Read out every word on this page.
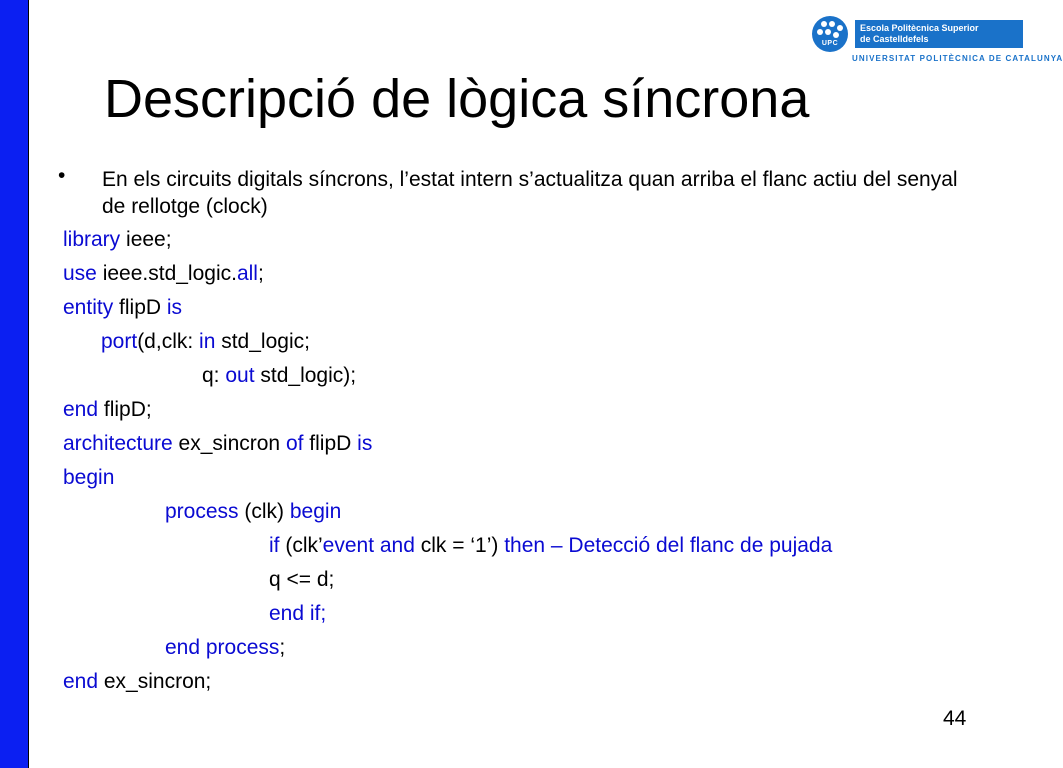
UPC
Escola Politècnica Superior
de Castelldefels
UNIVERSITAT POLITÈCNICA DE CATALUNYA
Descripció de lògica síncrona
• En els circuits digitals síncrons, l’estat intern s’actualitza quan arriba el flanc actiu del senyal de rellotge (clock)
library ieee;
use ieee.std_logic.all;
entity flipD is
port(d,clk: in std_logic;
q: out std_logic);
end flipD;
architecture ex_sincron of flipD is
begin
process (clk) begin
if (clk’event and clk = ‘1’) then – Detecció del flanc de pujada
q <= d;
end if;
end process;
end ex_sincron;
44
